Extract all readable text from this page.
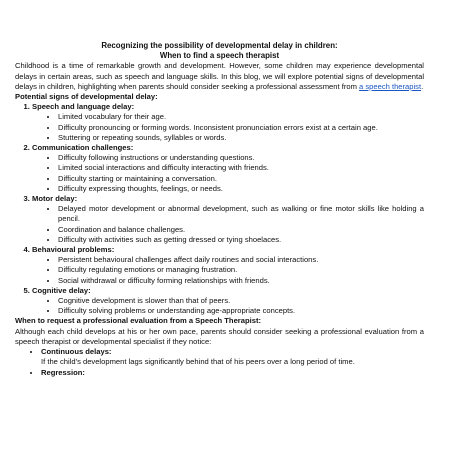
Recognizing the possibility of developmental delay in children:
When to find a speech therapist

Childhood is a time of remarkable growth and development. However, some children may experience developmental delays in certain areas, such as speech and language skills. In this blog, we will explore potential signs of developmental delays in children, highlighting when parents should consider seeking a professional assessment from a speech therapist.

Potential signs of developmental delay:

1. Speech and language delay:
• Limited vocabulary for their age.
• Difficulty pronouncing or forming words. Inconsistent pronunciation errors exist at a certain age.
• Stuttering or repeating sounds, syllables or words.
2. Communication challenges:
• Difficulty following instructions or understanding questions.
• Limited social interactions and difficulty interacting with friends.
• Difficulty starting or maintaining a conversation.
• Difficulty expressing thoughts, feelings, or needs.
3. Motor delay:
• Delayed motor development or abnormal development, such as walking or fine motor skills like holding a pencil.
• Coordination and balance challenges.
• Difficulty with activities such as getting dressed or tying shoelaces.
4. Behavioural problems:
• Persistent behavioural challenges affect daily routines and social interactions.
• Difficulty regulating emotions or managing frustration.
• Social withdrawal or difficulty forming relationships with friends.
5. Cognitive delay:
• Cognitive development is slower than that of peers.
• Difficulty solving problems or understanding age-appropriate concepts.

When to request a professional evaluation from a Speech Therapist:

Although each child develops at his or her own pace, parents should consider seeking a professional evaluation from a speech therapist or developmental specialist if they notice:

• Continuous delays:
If the child's development lags significantly behind that of his peers over a long period of time.
• Regression:
